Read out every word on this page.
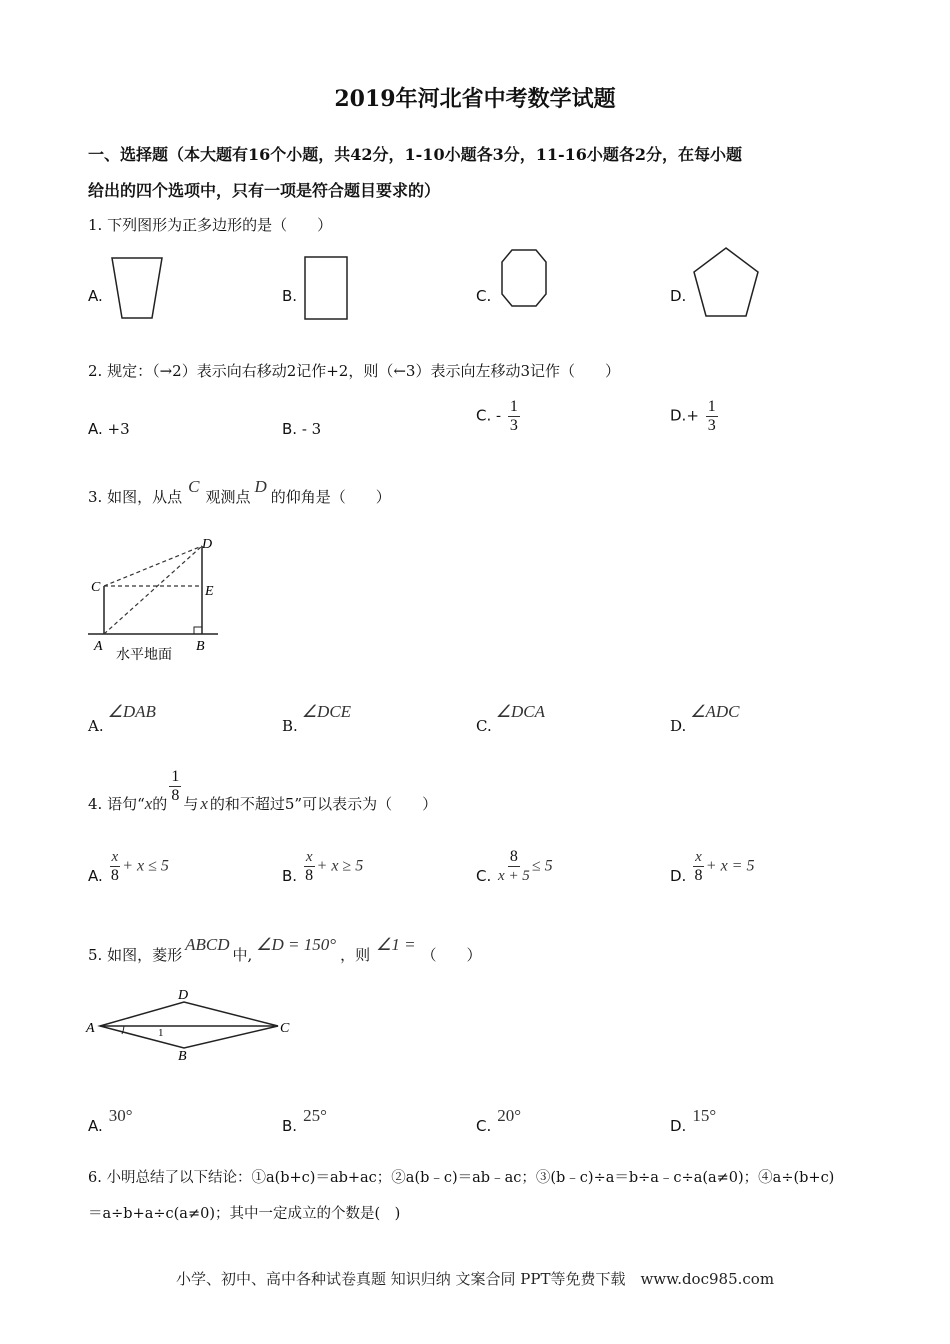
2019年河北省中考数学试题
一、选择题（本大题有16个小题，共42分，1-10小题各3分，11-16小题各2分，在每小题
给出的四个选项中，只有一项是符合题目要求的）
1. 下列图形为正多边形的是（　　）
A.	B.	C.	D.
2. 规定：（→2）表示向右移动2记作+2，则（←3）表示向左移动3记作（　　）
A. +3	B. - 3
C. - $\frac{1}{3}$	$D.+ \frac{1}{3}$
3. 如图，从点C观测点D的仰角是（　　）
D
C	E
A	B
水平地面
A.∠DAB
B.∠DCE
C.∠DCA
D.∠ADC
4. 语句“x的 $\frac{1}{8}$ 与 x 的和不超过5”可以表示为（　　）
A. $\frac{x}{8} + x \le 5$
B. $\frac{x}{8} + x \ge 5$
C. $\frac{8}{x + 5} \le 5$
D. $\frac{x}{8} + x = 5$
5. 如图，菱形ABCD中,∠D = 150°，则∠1 =（　　）
A
D
C
B
1
A.30°
B.25°
C.20°
D.15°
6. 小明总结了以下结论：①a(b+c)＝ab+ac；②a(b﹣c)＝ab﹣ac；③(b﹣c)÷a＝b÷a﹣c÷a(a≠0)；④a÷(b+c)
＝a÷b+a÷c(a≠0)；其中一定成立的个数是(　)
小学、初中、高中各种试卷真题 知识归纳 文案合同 PPT等免费下载　www.doc985.com
